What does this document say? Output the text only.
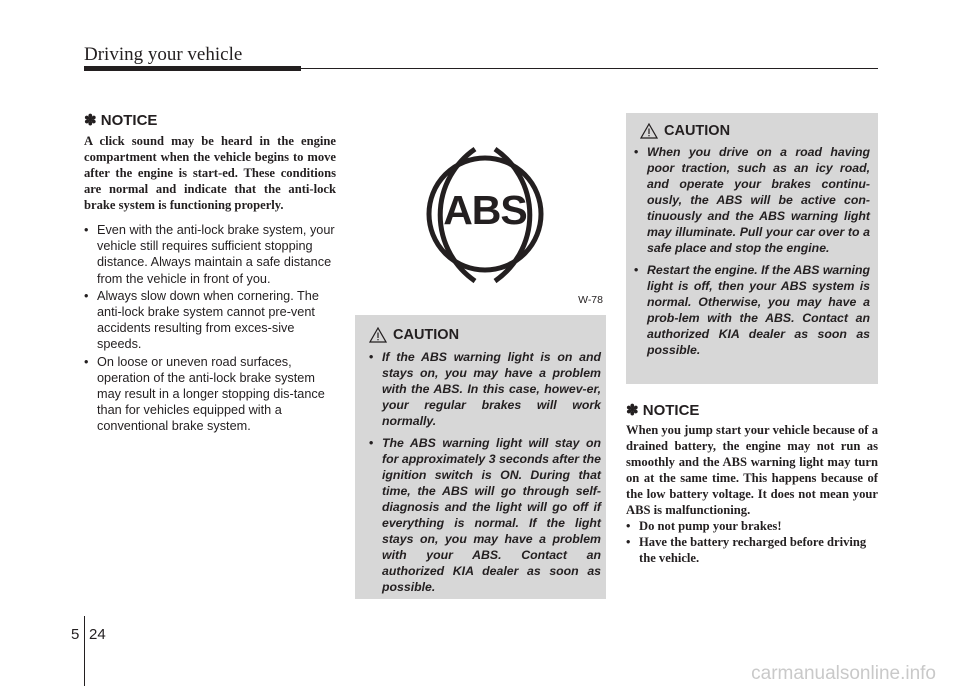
Driving your vehicle
✽ NOTICE
A click sound may be heard in the engine compartment when the vehicle begins to move after the engine is start-ed. These conditions are normal and indicate that the anti-lock brake system is functioning properly.
• Even with the anti-lock brake system, your vehicle still requires sufficient stopping distance. Always maintain a safe distance from the vehicle in front of you.
• Always slow down when cornering. The anti-lock brake system cannot pre-vent accidents resulting from exces-sive speeds.
• On loose or uneven road surfaces, operation of the anti-lock brake system may result in a longer stopping dis-tance than for vehicles equipped with a conventional brake system.
ABS
W-78
CAUTION
• If the ABS warning light is on and stays on, you may have a problem with the ABS. In this case, howev-er, your regular brakes will work normally.
• The ABS warning light will stay on for approximately 3 seconds after the ignition switch is ON. During that time, the ABS will go through self-diagnosis and the light will go off if everything is normal. If the light stays on, you may have a problem with your ABS. Contact an authorized KIA dealer as soon as possible.
CAUTION
• When you drive on a road having poor traction, such as an icy road, and operate your brakes continu-ously, the ABS will be active con-tinuously and the ABS warning light may illuminate. Pull your car over to a safe place and stop the engine.
• Restart the engine. If the ABS warning light is off, then your ABS system is normal. Otherwise, you may have a prob-lem with the ABS. Contact an authorized KIA dealer as soon as possible.
✽ NOTICE
When you jump start your vehicle because of a drained battery, the engine may not run as smoothly and the ABS warning light may turn on at the same time. This happens because of the low battery voltage. It does not mean your ABS is malfunctioning.
• Do not pump your brakes!
• Have the battery recharged before driving the vehicle.
5 24
carmanualsonline.info
